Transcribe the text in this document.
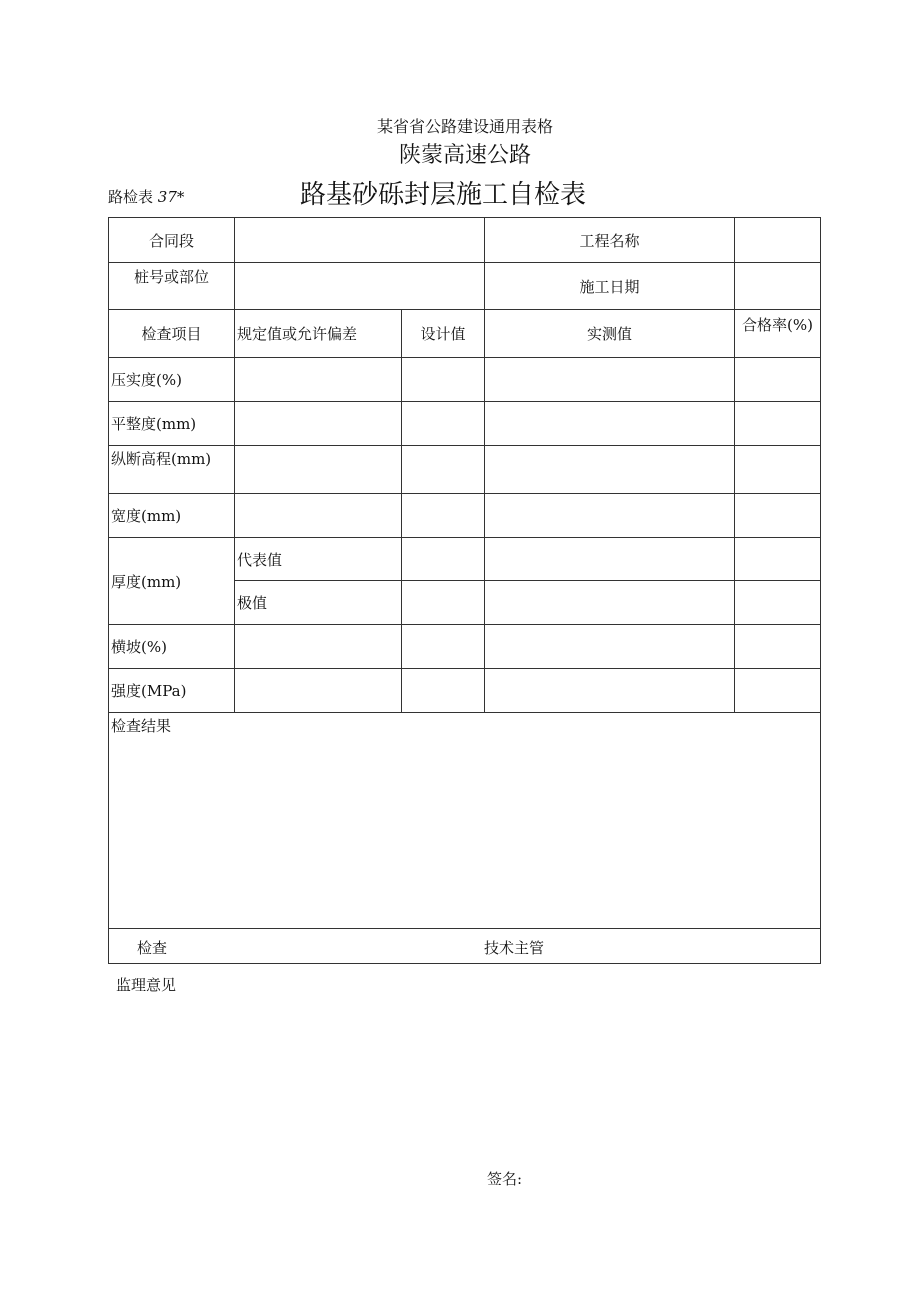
某省省公路建设通用表格
陕蒙高速公路
路检表 37*	路基砂砾封层施工自检表
合同段			工程名称	
桩号或部位			施工日期	
检查项目	规定值或允许偏差	设计值	实测值	合格率(%)
压实度(%)				
平整度(mm)				
纵断高程(mm)				
宽度(mm)				
厚度(mm)	代表值			
	极值			
横坡(%)				
强度(MPa)				
检查结果				

检查 技术主管				
监理意见
签名:
